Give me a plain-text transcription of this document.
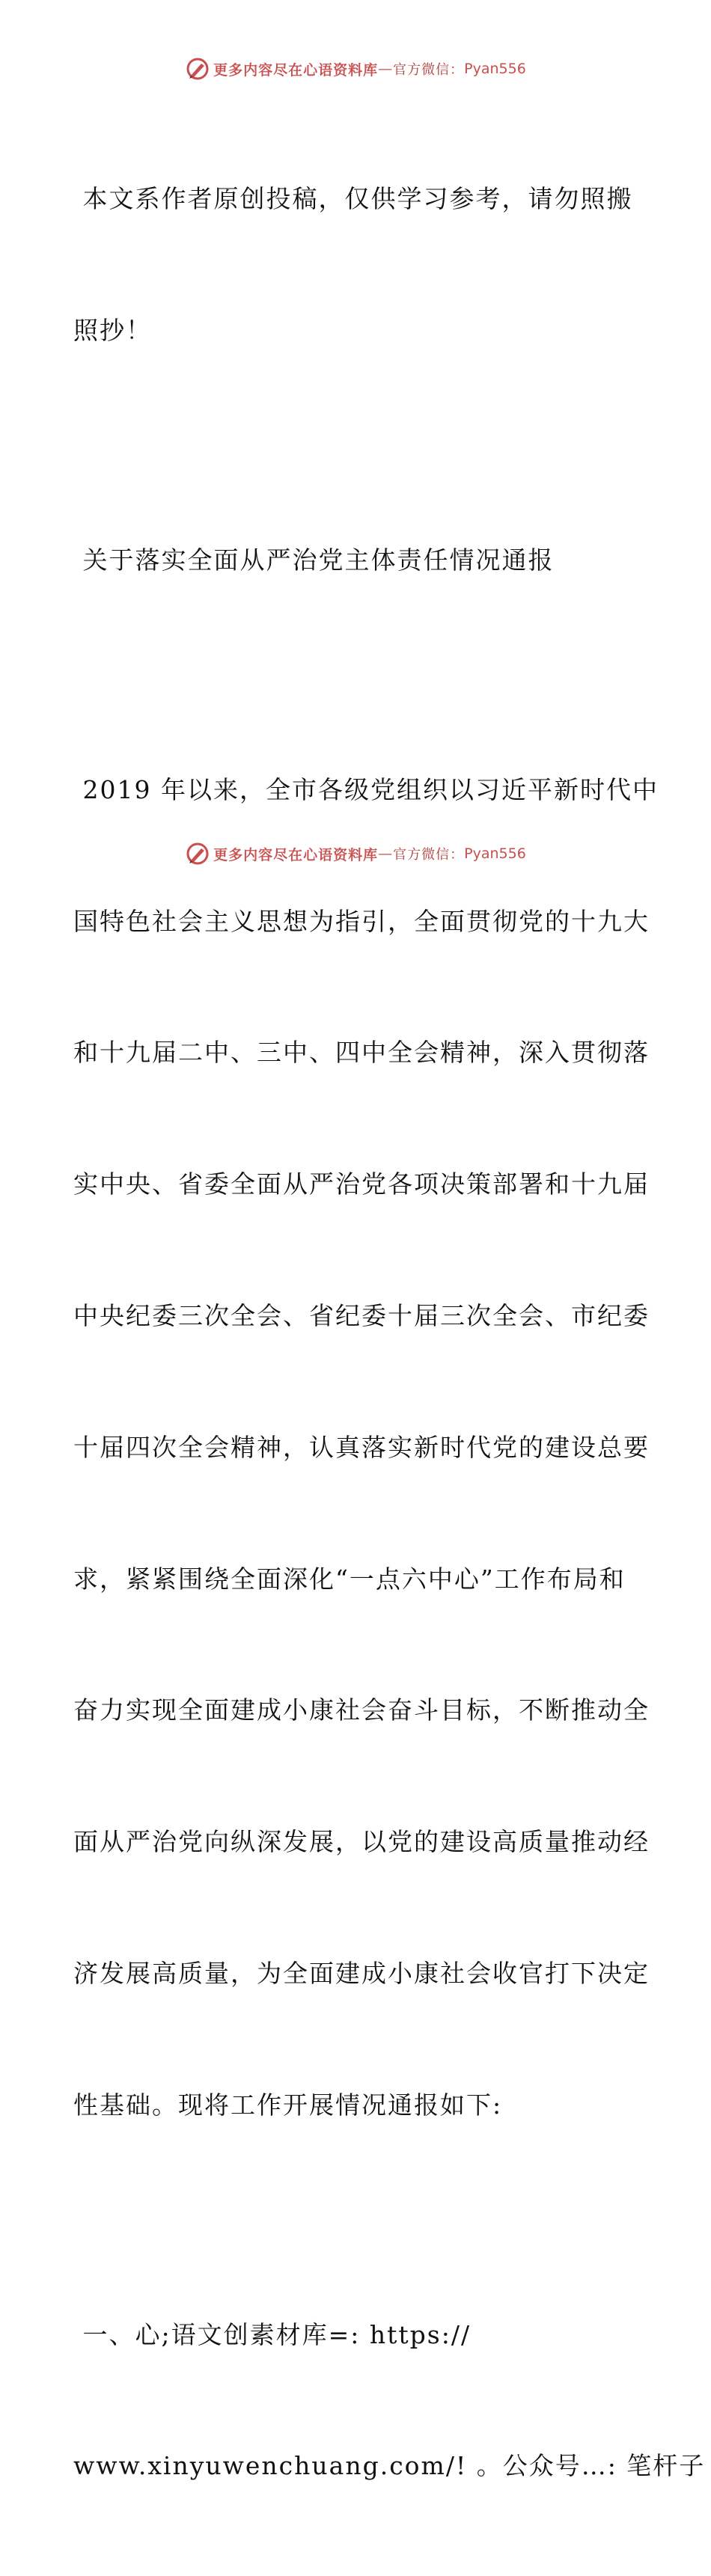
更多内容尽在心语资料库 — 官方微信： Pyan556

本文系作者原创投稿，仅供学习参考，请勿照搬

照抄！

关于落实全面从严治党主体责任情况通报

2019 年以来，全市各级党组织以习近平新时代中

国特色社会主义思想为指引，全面贯彻党的十九大

和十九届二中、三中、四中全会精神，深入贯彻落

实中央、省委全面从严治党各项决策部署和十九届

中央纪委三次全会、省纪委十届三次全会、市纪委

十届四次全会精神，认真落实新时代党的建设总要

求，紧紧围绕全面深化“一点六中心”工作布局和

奋力实现全面建成小康社会奋斗目标，不断推动全

面从严治党向纵深发展，以党的建设高质量推动经

济发展高质量，为全面建成小康社会收官打下决定

性基础。现将工作开展情况通报如下:

一、心;语文创素材库=: https://

www.xinyuwenchuang.com/! 。公众号…: 笔杆子

更多内容尽在心语资料库 — 官方微信： Pyan556
